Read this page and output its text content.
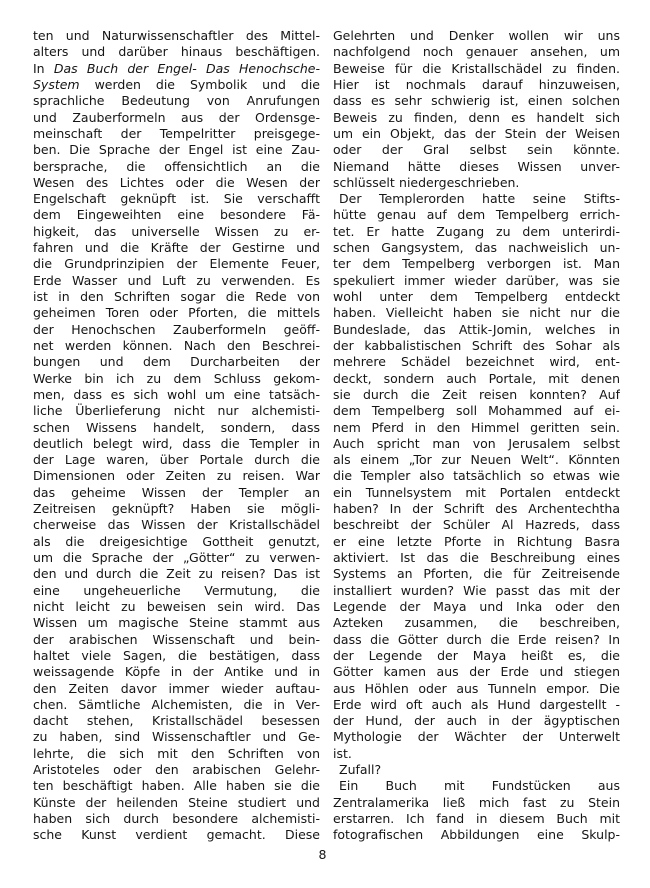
ten und Naturwissenschaftler des Mittel-
alters und darüber hinaus beschäftigen.
In Das Buch der Engel- Das Henochsche-
System werden die Symbolik und die
sprachliche Bedeutung von Anrufungen
und Zauberformeln aus der Ordensge-
meinschaft der Tempelritter preisgege-
ben. Die Sprache der Engel ist eine Zau-
bersprache, die offensichtlich an die
Wesen des Lichtes oder die Wesen der
Engelschaft geknüpft ist. Sie verschafft
dem Eingeweihten eine besondere Fä-
higkeit, das universelle Wissen zu er-
fahren und die Kräfte der Gestirne und
die Grundprinzipien der Elemente Feuer,
Erde Wasser und Luft zu verwenden. Es
ist in den Schriften sogar die Rede von
geheimen Toren oder Pforten, die mittels
der Henochschen Zauberformeln geöff-
net werden können. Nach den Beschrei-
bungen und dem Durcharbeiten der
Werke bin ich zu dem Schluss gekom-
men, dass es sich wohl um eine tatsäch-
liche Überlieferung nicht nur alchemisti-
schen Wissens handelt, sondern, dass
deutlich belegt wird, dass die Templer in
der Lage waren, über Portale durch die
Dimensionen oder Zeiten zu reisen. War
das geheime Wissen der Templer an
Zeitreisen geknüpft? Haben sie mögli-
cherweise das Wissen der Kristallschädel
als die dreigesichtige Gottheit genutzt,
um die Sprache der „Götter“ zu verwen-
den und durch die Zeit zu reisen? Das ist
eine ungeheuerliche Vermutung, die
nicht leicht zu beweisen sein wird. Das
Wissen um magische Steine stammt aus
der arabischen Wissenschaft und bein-
haltet viele Sagen, die bestätigen, dass
weissagende Köpfe in der Antike und in
den Zeiten davor immer wieder auftau-
chen. Sämtliche Alchemisten, die in Ver-
dacht stehen, Kristallschädel besessen
zu haben, sind Wissenschaftler und Ge-
lehrte, die sich mit den Schriften von
Aristoteles oder den arabischen Gelehr-
ten beschäftigt haben. Alle haben sie die
Künste der heilenden Steine studiert und
haben sich durch besondere alchemisti-
sche Kunst verdient gemacht. Diese
Gelehrten und Denker wollen wir uns
nachfolgend noch genauer ansehen, um
Beweise für die Kristallschädel zu finden.
Hier ist nochmals darauf hinzuweisen,
dass es sehr schwierig ist, einen solchen
Beweis zu finden, denn es handelt sich
um ein Objekt, das der Stein der Weisen
oder der Gral selbst sein könnte.
Niemand hätte dieses Wissen unver-
schlüsselt niedergeschrieben.
Der Templerorden hatte seine Stifts-
hütte genau auf dem Tempelberg errich-
tet. Er hatte Zugang zu dem unterirdi-
schen Gangsystem, das nachweislich un-
ter dem Tempelberg verborgen ist. Man
spekuliert immer wieder darüber, was sie
wohl unter dem Tempelberg entdeckt
haben. Vielleicht haben sie nicht nur die
Bundeslade, das Attik-Jomin, welches in
der kabbalistischen Schrift des Sohar als
mehrere Schädel bezeichnet wird, ent-
deckt, sondern auch Portale, mit denen
sie durch die Zeit reisen konnten? Auf
dem Tempelberg soll Mohammed auf ei-
nem Pferd in den Himmel geritten sein.
Auch spricht man von Jerusalem selbst
als einem „Tor zur Neuen Welt“. Könnten
die Templer also tatsächlich so etwas wie
ein Tunnelsystem mit Portalen entdeckt
haben? In der Schrift des Archentechtha
beschreibt der Schüler Al Hazreds, dass
er eine letzte Pforte in Richtung Basra
aktiviert. Ist das die Beschreibung eines
Systems an Pforten, die für Zeitreisende
installiert wurden? Wie passt das mit der
Legende der Maya und Inka oder den
Azteken zusammen, die beschreiben,
dass die Götter durch die Erde reisen? In
der Legende der Maya heißt es, die
Götter kamen aus der Erde und stiegen
aus Höhlen oder aus Tunneln empor. Die
Erde wird oft auch als Hund dargestellt -
der Hund, der auch in der ägyptischen
Mythologie der Wächter der Unterwelt
ist.
Zufall?
Ein Buch mit Fundstücken aus
Zentralamerika ließ mich fast zu Stein
erstarren. Ich fand in diesem Buch mit
fotografischen Abbildungen eine Skulp-
8
